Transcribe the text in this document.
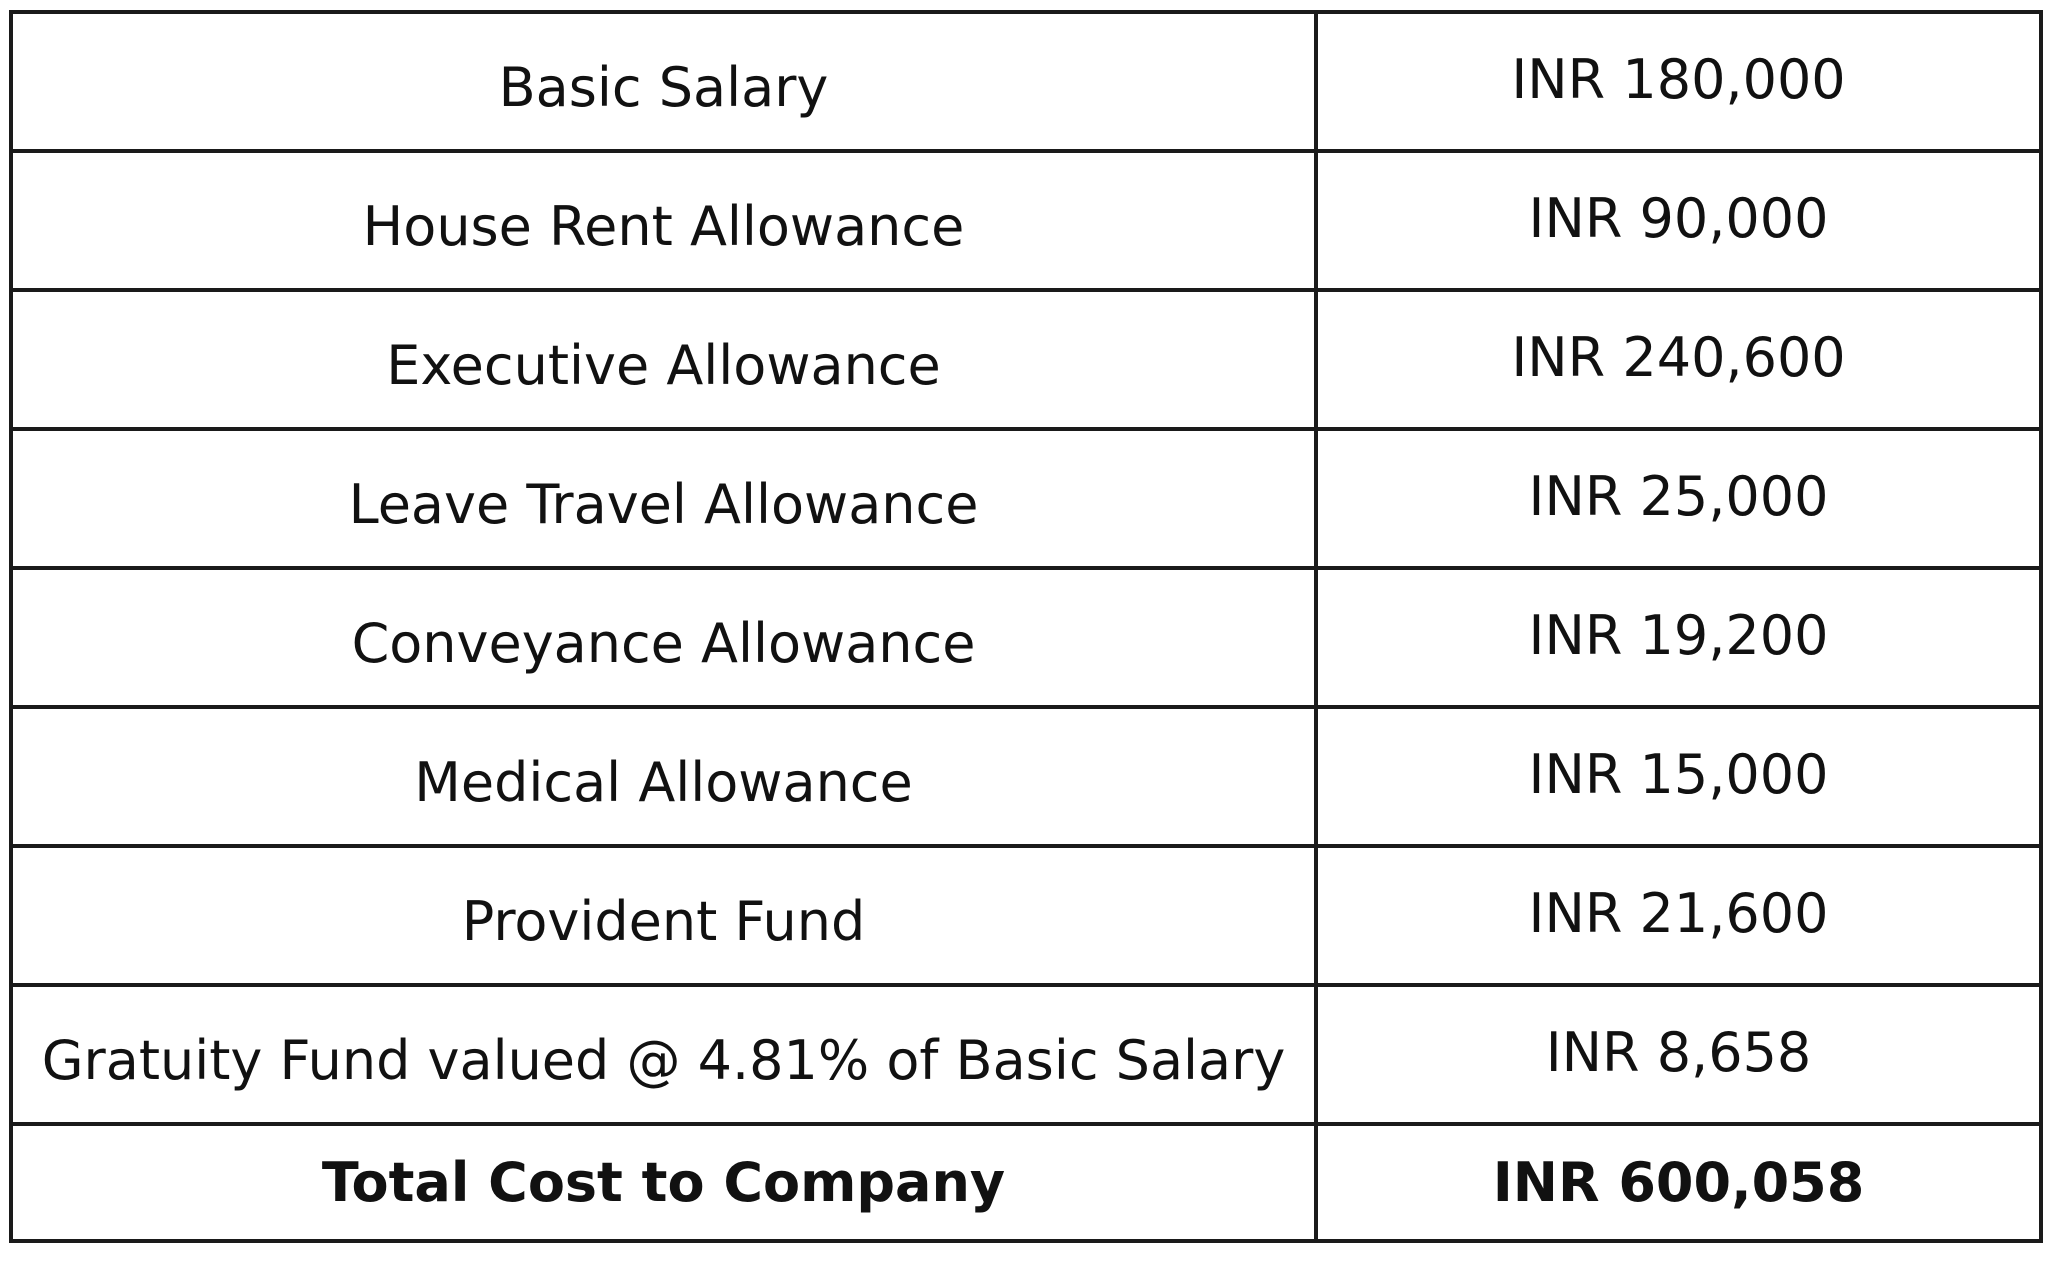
Basic Salary	INR 180,000
House Rent Allowance	INR 90,000
Executive Allowance	INR 240,600
Leave Travel Allowance	INR 25,000
Conveyance Allowance	INR 19,200
Medical Allowance	INR 15,000
Provident Fund	INR 21,600
Gratuity Fund valued @ 4.81% of Basic Salary	INR 8,658
Total Cost to Company	INR 600,058
